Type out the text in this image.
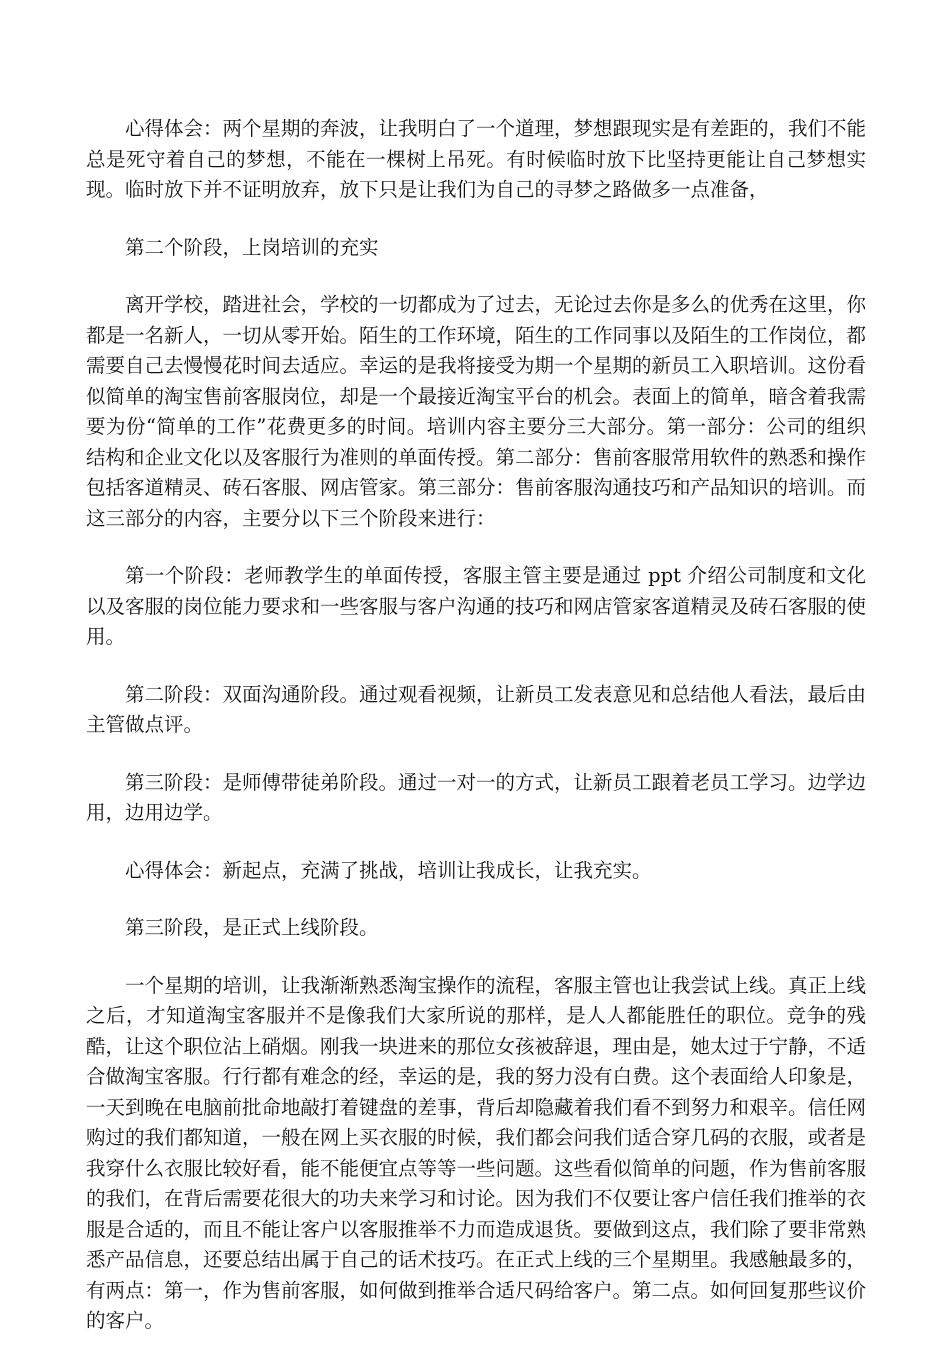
心得体会：两个星期的奔波，让我明白了一个道理，梦想跟现实是有差距的，我们不能总是死守着自己的梦想，不能在一棵树上吊死。有时候临时放下比坚持更能让自己梦想实现。临时放下并不证明放弃，放下只是让我们为自己的寻梦之路做多一点准备，

第二个阶段，上岗培训的充实

离开学校，踏进社会，学校的一切都成为了过去，无论过去你是多么的优秀在这里，你都是一名新人，一切从零开始。陌生的工作环境，陌生的工作同事以及陌生的工作岗位，都需要自己去慢慢花时间去适应。幸运的是我将接受为期一个星期的新员工入职培训。这份看似简单的淘宝售前客服岗位，却是一个最接近淘宝平台的机会。表面上的简单，暗含着我需要为份“简单的工作”花费更多的时间。培训内容主要分三大部分。第一部分：公司的组织结构和企业文化以及客服行为准则的单面传授。第二部分：售前客服常用软件的熟悉和操作包括客道精灵、砖石客服、网店管家。第三部分：售前客服沟通技巧和产品知识的培训。而这三部分的内容，主要分以下三个阶段来进行：

第一个阶段：老师教学生的单面传授，客服主管主要是通过 ppt 介绍公司制度和文化以及客服的岗位能力要求和一些客服与客户沟通的技巧和网店管家客道精灵及砖石客服的使用。

第二阶段：双面沟通阶段。通过观看视频，让新员工发表意见和总结他人看法，最后由主管做点评。

第三阶段：是师傅带徒弟阶段。通过一对一的方式，让新员工跟着老员工学习。边学边用，边用边学。

心得体会：新起点，充满了挑战，培训让我成长，让我充实。

第三阶段，是正式上线阶段。

一个星期的培训，让我渐渐熟悉淘宝操作的流程，客服主管也让我尝试上线。真正上线之后，才知道淘宝客服并不是像我们大家所说的那样，是人人都能胜任的职位。竞争的残酷，让这个职位沾上硝烟。刚我一块进来的那位女孩被辞退，理由是，她太过于宁静，不适合做淘宝客服。行行都有难念的经，幸运的是，我的努力没有白费。这个表面给人印象是，一天到晚在电脑前批命地敲打着键盘的差事，背后却隐藏着我们看不到努力和艰辛。信任网购过的我们都知道，一般在网上买衣服的时候，我们都会问我们适合穿几码的衣服，或者是我穿什么衣服比较好看，能不能便宜点等等一些问题。这些看似简单的问题，作为售前客服的我们，在背后需要花很大的功夫来学习和讨论。因为我们不仅要让客户信任我们推举的衣服是合适的，而且不能让客户以客服推举不力而造成退货。要做到这点，我们除了要非常熟悉产品信息，还要总结出属于自己的话术技巧。在正式上线的三个星期里。我感触最多的，有两点：第一，作为售前客服，如何做到推举合适尺码给客户。第二点。如何回复那些议价的客户。
